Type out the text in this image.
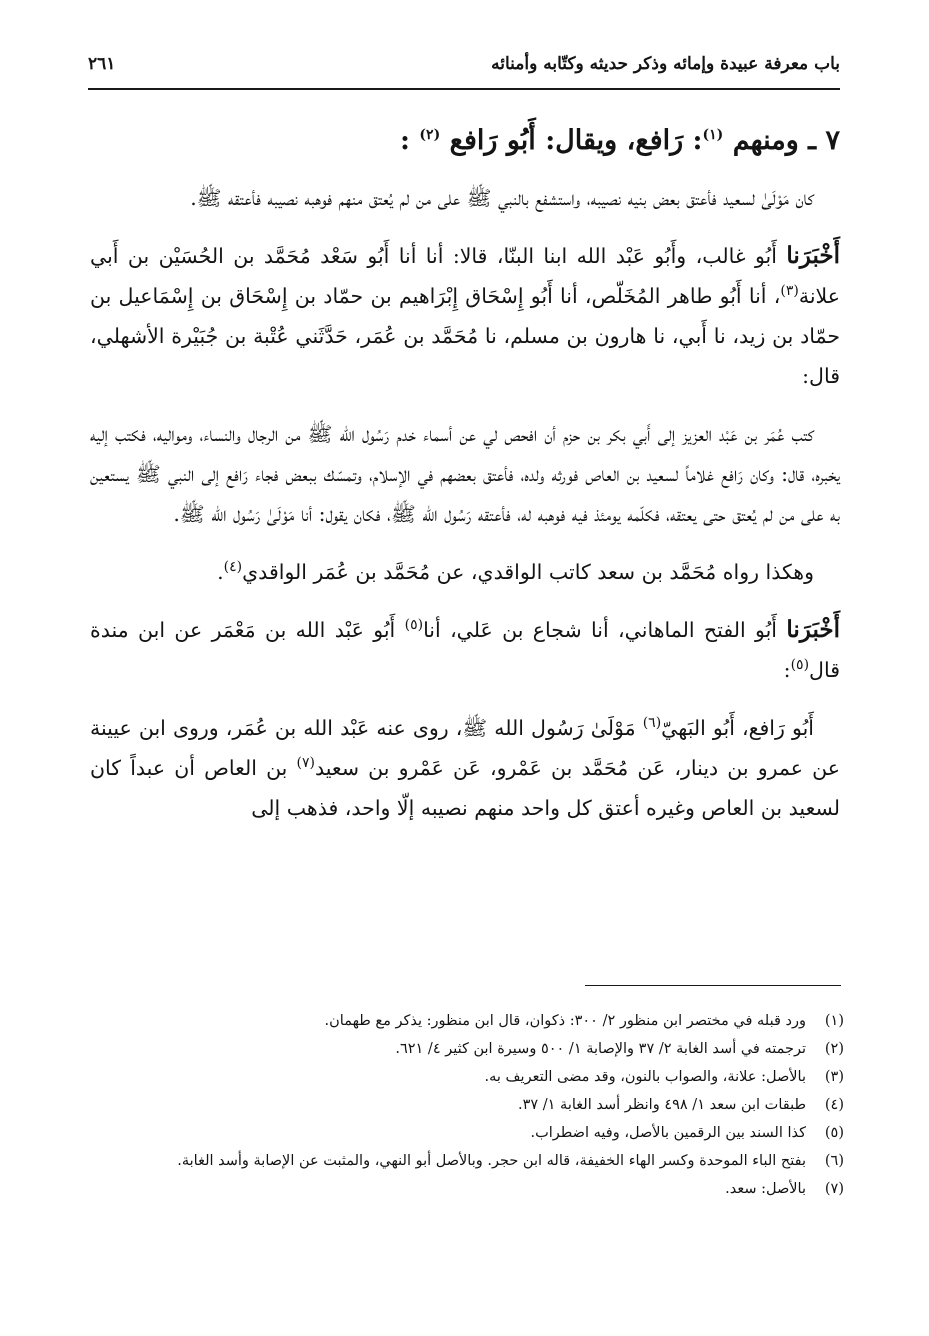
باب معرفة عبيدة وإمائه وذكر حديثه وكتّابه وأمنائه
٢٦١
٧ ـ ومنهم $^{(١)}$: رَافع، ويقال: أَبُو رَافع $^{(٢)}$ :

كان مَوْلَىٰ لسعيد فأعتق بعض بنيه نصيبه، واستشفع بالنبي ﷺ على من لم يُعتق منهم فوهبه نصيبه فأعتقه ﷺ.

أَخْبَرَنا أَبُو غالب، وأَبُو عَبْد الله ابنا البنّا، قالا: أنا أنا أَبُو سَعْد مُحَمَّد بن الحُسَيْن بن أَبي علانة$^{(٣)}$، أنا أَبُو طاهر المُخَلّص، أنا أَبُو إِسْحَاق إِبْرَاهيم بن حمّاد بن إِسْحَاق بن إِسْمَاعيل بن حمّاد بن زيد، نا أَبي، نا هارون بن مسلم، نا مُحَمَّد بن عُمَر، حَدَّثَني عُتْبة بن جُبَيْرة الأشهلي، قال:

كتب عُمَر بن عَبْد العزيز إلى أَبي بكر بن حزم أن افحص لي عن أسماء خدم رَسُول الله ﷺ من الرجال والنساء، ومواليه، فكتب إليه يخبره، قال: وكان رَافع غلاماً لسعيد بن العاص فورثه ولده، فأعتق بعضهم في الإسلام، وتمسّك ببعض فجاء رَافع إلى النبي ﷺ يستعين به على من لم يُعتق حتى يعتقه، فكلّمه يومئذ فيه فوهبه له، فأعتقه رَسُول الله ﷺ، فكان يقول: أنا مَوْلَىٰ رَسُول الله ﷺ.

وهكذا رواه مُحَمَّد بن سعد كاتب الواقدي، عن مُحَمَّد بن عُمَر الواقدي$^{(٤)}$.

أَخْبَرَنا أَبُو الفتح الماهاني، أنا شجاع بن عَلي، أنا$^{(٥)}$ أَبُو عَبْد الله بن مَعْمَر عن ابن مندة قال$^{(٥)}$:

أَبُو رَافع، أَبُو البَهيّ$^{(٦)}$ مَوْلَىٰ رَسُول الله ﷺ، روى عنه عَبْد الله بن عُمَر، وروى ابن عيينة عن عمرو بن دينار، عَن مُحَمَّد بن عَمْرو، عَن عَمْرو بن سعيد$^{(٧)}$ بن العاص أن عبداً كان لسعيد بن العاص وغيره أعتق كل واحد منهم نصيبه إلّا واحد، فذهب إلى

(١)
ورد قبله في مختصر ابن منظور ٢/ ٣٠٠: ذكوان، قال ابن منظور: يذكر مع طهمان.
(٢)
ترجمته في أسد الغابة ٢/ ٣٧ والإصابة ١/ ٥٠٠ وسيرة ابن كثير ٤/ ٦٢١.
(٣)
بالأصل: علانة، والصواب بالنون، وقد مضى التعريف به.
(٤)
طبقات ابن سعد ١/ ٤٩٨ وانظر أسد الغابة ١/ ٣٧.
(٥)
كذا السند بين الرقمين بالأصل، وفيه اضطراب.
(٦)
بفتح الباء الموحدة وكسر الهاء الخفيفة، قاله ابن حجر. وبالأصل أبو النهي، والمثبت عن الإصابة وأسد الغابة.
(٧)
بالأصل: سعد.
